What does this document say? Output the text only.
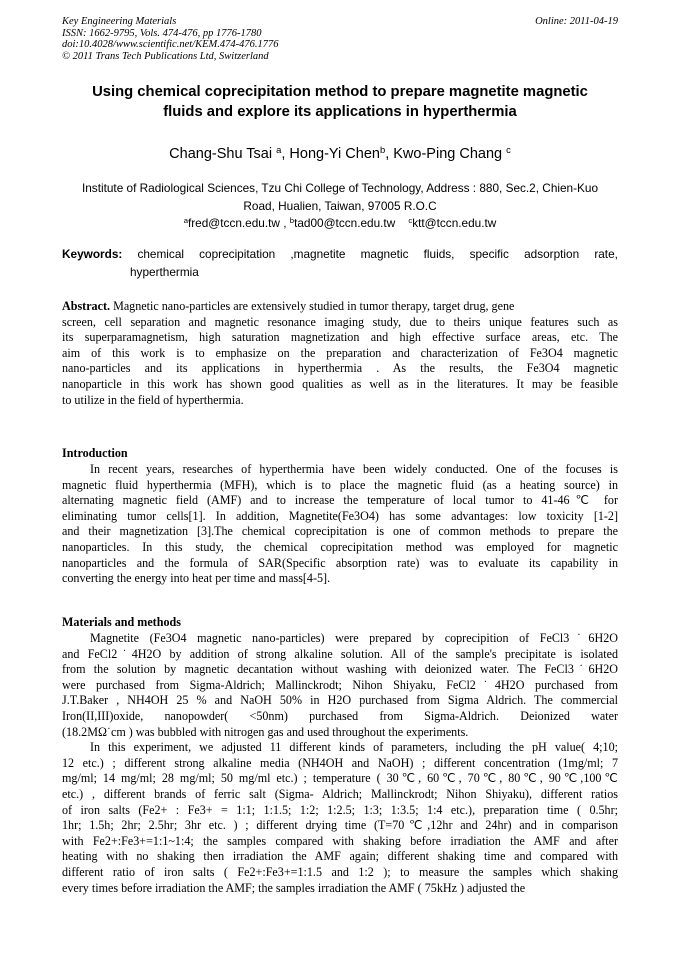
Key Engineering Materials
ISSN: 1662-9795, Vols. 474-476, pp 1776-1780
doi:10.4028/www.scientific.net/KEM.474-476.1776
© 2011 Trans Tech Publications Ltd, Switzerland
Online: 2011-04-19
Using chemical coprecipitation method to prepare magnetite magnetic
fluids and explore its applications in hyperthermia
Chang-Shu Tsai $^a$, Hong-Yi Chen$^b$, Kwo-Ping Chang $^c$
Institute of Radiological Sciences, Tzu Chi College of Technology, Address : 880, Sec.2, Chien-Kuo
Road, Hualien, Taiwan, 97005 R.O.C
$^a$fred@tccn.edu.tw , $^b$tad00@tccn.edu.tw $^c$ktt@tccn.edu.tw
Keywords: chemical coprecipitation ,magnetite magnetic fluids, specific adsorption rate,
hyperthermia
Abstract.
Magnetic nano-particles are extensively studied in tumor therapy, target drug, gene
screen, cell separation and magnetic resonance imaging study, due to theirs unique features such as
its superparamagnetism, high saturation magnetization and high effective surface areas, etc. The
aim of this work is to emphasize on the preparation and characterization of Fe3O4 magnetic
nano-particles and its applications in hyperthermia . As the results, the Fe3O4 magnetic
nanoparticle in this work has shown good qualities as well as in the literatures. It may be feasible
to utilize in the field of hyperthermia.
Introduction
In recent years, researches of hyperthermia have been widely conducted. One of the focuses is
magnetic fluid hyperthermia (MFH), which is to place the magnetic fluid (as a heating source) in
alternating magnetic field (AMF) and to increase the temperature of local tumor to 41-46℃ for
eliminating tumor cells[1]. In addition, Magnetite(Fe3O4) has some advantages: low toxicity [1-2]
and their magnetization [3].The chemical coprecipitation is one of common methods to prepare the
nanoparticles. In this study, the chemical coprecipitation method was employed for magnetic
nanoparticles and the formula of SAR(Specific absorption rate) was to evaluate its capability in
converting the energy into heat per time and mass[4-5].
Materials and methods
Magnetite (Fe3O4 magnetic nano-particles) were prepared by coprecipition of FeCl3˙6H2O
and FeCl2˙4H2O by addition of strong alkaline solution. All of the sample's precipitate is isolated
from the solution by magnetic decantation without washing with deionized water. The FeCl3˙6H2O
were purchased from Sigma-Aldrich; Mallinckrodt; Nihon Shiyaku, FeCl2˙4H2O purchased from
J.T.Baker , NH4OH 25 % and NaOH 50% in H2O purchased from Sigma Aldrich. The commercial
Iron(II,III)oxide, nanopowder( <50nm) purchased from Sigma-Aldrich. Deionized water
(18.2MΩ˙cm ) was bubbled with nitrogen gas and used throughout the experiments.
In this experiment, we adjusted 11 different kinds of parameters, including the pH value( 4;10;
12 etc.) ; different strong alkaline media (NH4OH and NaOH) ; different concentration (1mg/ml; 7
mg/ml; 14 mg/ml; 28 mg/ml; 50 mg/ml etc.) ; temperature ( 30℃, 60℃, 70℃, 80℃, 90℃,100℃
etc.) , different brands of ferric salt (Sigma- Aldrich; Mallinckrodt; Nihon Shiyaku), different ratios
of iron salts (Fe2+ : Fe3+ = 1:1; 1:1.5; 1:2; 1:2.5; 1:3; 1:3.5; 1:4 etc.), preparation time ( 0.5hr;
1hr; 1.5h; 2hr; 2.5hr; 3hr etc. ) ; different drying time (T=70℃,12hr and 24hr) and in comparison
with Fe2+:Fe3+=1:1~1:4; the samples compared with shaking before irradiation the AMF and after
heating with no shaking then irradiation the AMF again; different shaking time and compared with
different ratio of iron salts ( Fe2+:Fe3+=1:1.5 and 1:2 ); to measure the samples which shaking
every times before irradiation the AMF; the samples irradiation the AMF ( 75kHz ) adjusted the
